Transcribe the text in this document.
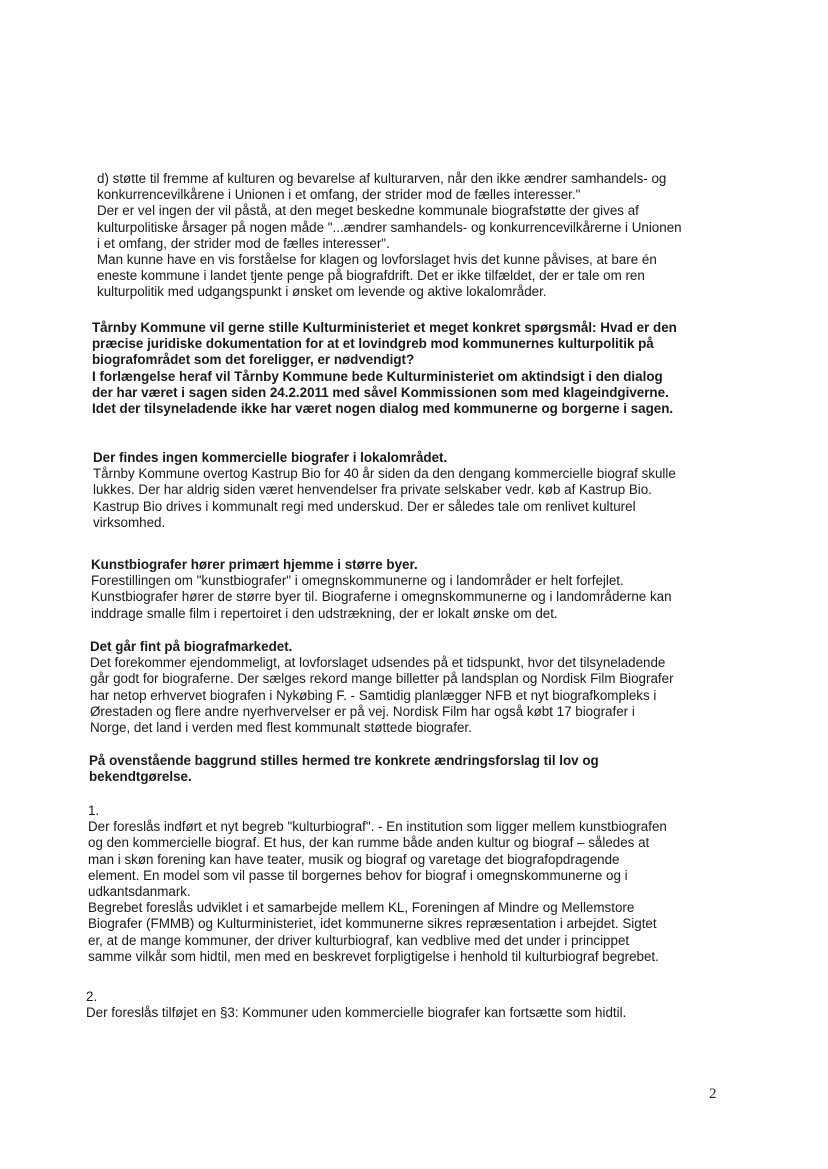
d) støtte til fremme af kulturen og bevarelse af kulturarven, når den ikke ændrer samhandels- og
konkurrencevilkårene i Unionen i et omfang, der strider mod de fælles interesser."
Der er vel ingen der vil påstå, at den meget beskedne kommunale biografstøtte der gives af
kulturpolitiske årsager på nogen måde "...ændrer samhandels- og konkurrencevilkårerne i Unionen
i et omfang, der strider mod de fælles interesser".
Man kunne have en vis forståelse for klagen og lovforslaget hvis det kunne påvises, at bare én
eneste kommune i landet tjente penge på biografdrift. Det er ikke tilfældet, der er tale om ren
kulturpolitik med udgangspunkt i ønsket om levende og aktive lokalområder.
Tårnby Kommune vil gerne stille Kulturministeriet et meget konkret spørgsmål: Hvad er den
præcise juridiske dokumentation for at et lovindgreb mod kommunernes kulturpolitik på
biografområdet som det foreligger, er nødvendigt?
I forlængelse heraf vil Tårnby Kommune bede Kulturministeriet om aktindsigt i den dialog
der har været i sagen siden 24.2.2011 med såvel Kommissionen som med klageindgiverne.
Idet der tilsyneladende ikke har været nogen dialog med kommunerne og borgerne i sagen.
Der findes ingen kommercielle biografer i lokalområdet.
Tårnby Kommune overtog Kastrup Bio for 40 år siden da den dengang kommercielle biograf skulle
lukkes. Der har aldrig siden været henvendelser fra private selskaber vedr. køb af Kastrup Bio.
Kastrup Bio drives i kommunalt regi med underskud. Der er således tale om renlivet kulturel
virksomhed.
Kunstbiografer hører primært hjemme i større byer.
Forestillingen om "kunstbiografer" i omegnskommunerne og i landområder er helt forfejlet.
Kunstbiografer hører de større byer til. Biograferne i omegnskommunerne og i landområderne kan
inddrage smalle film i repertoiret i den udstrækning, der er lokalt ønske om det.
Det går fint på biografmarkedet.
Det forekommer ejendommeligt, at lovforslaget udsendes på et tidspunkt, hvor det tilsyneladende
går godt for biograferne. Der sælges rekord mange billetter på landsplan og Nordisk Film Biografer
har netop erhvervet biografen i Nykøbing F. - Samtidig planlægger NFB et nyt biografkompleks i
Ørestaden og flere andre nyerhvervelser er på vej. Nordisk Film har også købt 17 biografer i
Norge, det land i verden med flest kommunalt støttede biografer.
På ovenstående baggrund stilles hermed tre konkrete ændringsforslag til lov og
bekendtgørelse.
1.
Der foreslås indført et nyt begreb "kulturbiograf". - En institution som ligger mellem kunstbiografen
og den kommercielle biograf. Et hus, der kan rumme både anden kultur og biograf – således at
man i skøn forening kan have teater, musik og biograf og varetage det biografopdragende
element. En model som vil passe til borgernes behov for biograf i omegnskommunerne og i
udkantsdanmark.
Begrebet foreslås udviklet i et samarbejde mellem KL, Foreningen af Mindre og Mellemstore
Biografer (FMMB) og Kulturministeriet, idet kommunerne sikres repræsentation i arbejdet. Sigtet
er, at de mange kommuner, der driver kulturbiograf, kan vedblive med det under i princippet
samme vilkår som hidtil, men med en beskrevet forpligtigelse i henhold til kulturbiograf begrebet.
2.
Der foreslås tilføjet en §3: Kommuner uden kommercielle biografer kan fortsætte som hidtil.
2
